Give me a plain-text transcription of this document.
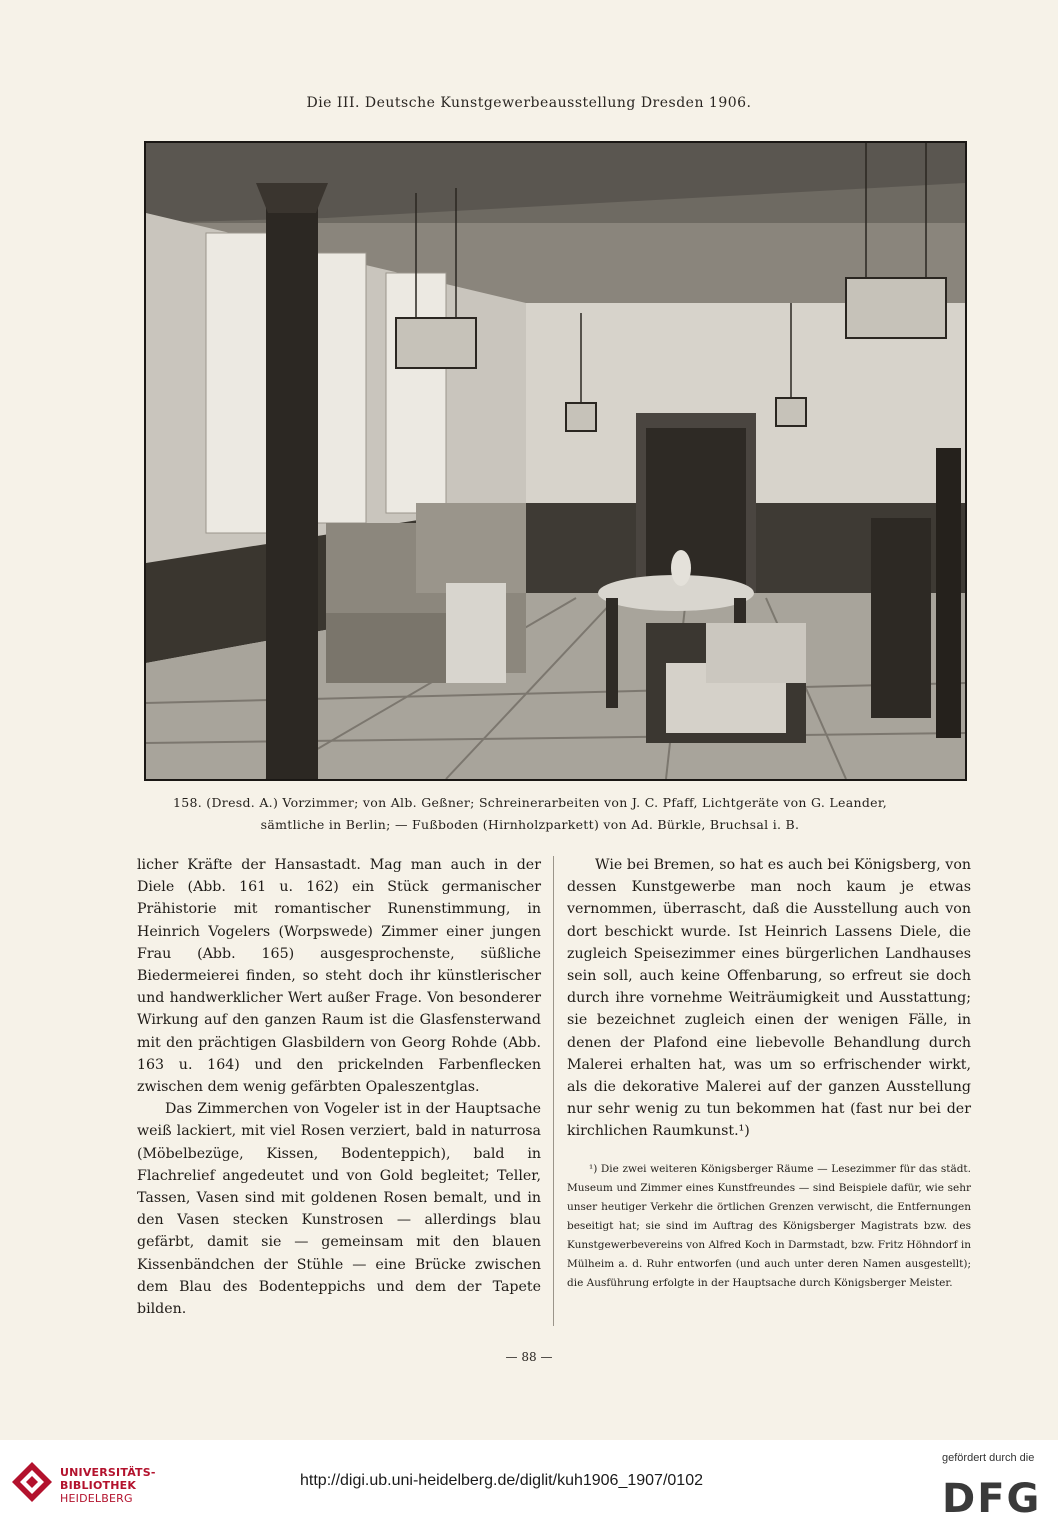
Die III. Deutsche Kunstgewerbeausstellung Dresden 1906.
158. (Dresd. A.) Vorzimmer; von Alb. Geßner; Schreinerarbeiten von J. C. Pfaff, Lichtgeräte von G. Leander,
sämtliche in Berlin; — Fußboden (Hirnholzparkett) von Ad. Bürkle, Bruchsal i. B.

licher Kräfte der Hansastadt. Mag man auch in der Diele (Abb. 161 u. 162) ein Stück germanischer Prähistorie mit romantischer Runenstimmung, in Heinrich Vogelers (Worpswede) Zimmer einer jungen Frau (Abb. 165) ausgesprochenste, süßliche Biedermeierei finden, so steht doch ihr künstlerischer und handwerklicher Wert außer Frage. Von besonderer Wirkung auf den ganzen Raum ist die Glasfensterwand mit den prächtigen Glasbildern von Georg Rohde (Abb. 163 u. 164) und den prickelnden Farbenflecken zwischen dem wenig gefärbten Opaleszentglas.

Das Zimmerchen von Vogeler ist in der Hauptsache weiß lackiert, mit viel Rosen verziert, bald in naturrosa (Möbelbezüge, Kissen, Bodenteppich), bald in Flachrelief angedeutet und von Gold begleitet; Teller, Tassen, Vasen sind mit goldenen Rosen bemalt, und in den Vasen stecken Kunstrosen — allerdings blau gefärbt, damit sie — gemeinsam mit den blauen Kissenbändchen der Stühle — eine Brücke zwischen dem Blau des Bodenteppichs und dem der Tapete bilden.

Wie bei Bremen, so hat es auch bei Königsberg, von dessen Kunstgewerbe man noch kaum je etwas vernommen, überrascht, daß die Ausstellung auch von dort beschickt wurde. Ist Heinrich Lassens Diele, die zugleich Speisezimmer eines bürgerlichen Landhauses sein soll, auch keine Offenbarung, so erfreut sie doch durch ihre vornehme Weiträumigkeit und Ausstattung; sie bezeichnet zugleich einen der wenigen Fälle, in denen der Plafond eine liebevolle Behandlung durch Malerei erhalten hat, was um so erfrischender wirkt, als die dekorative Malerei auf der ganzen Ausstellung nur sehr wenig zu tun bekommen hat (fast nur bei der kirchlichen Raumkunst.¹)

¹) Die zwei weiteren Königsberger Räume — Lesezimmer für das städt. Museum und Zimmer eines Kunstfreundes — sind Beispiele dafür, wie sehr unser heutiger Verkehr die örtlichen Grenzen verwischt, die Entfernungen beseitigt hat; sie sind im Auftrag des Königsberger Magistrats bzw. des Kunstgewerbevereins von Alfred Koch in Darmstadt, bzw. Fritz Höhndorf in Mülheim a. d. Ruhr entworfen (und auch unter deren Namen ausgestellt); die Ausführung erfolgte in der Hauptsache durch Königsberger Meister.

— 88 —
UNIVERSITÄTS-
BIBLIOTHEK
HEIDELBERG
http://digi.ub.uni-heidelberg.de/diglit/kuh1906_1907/0102
gefördert durch die
DFG
